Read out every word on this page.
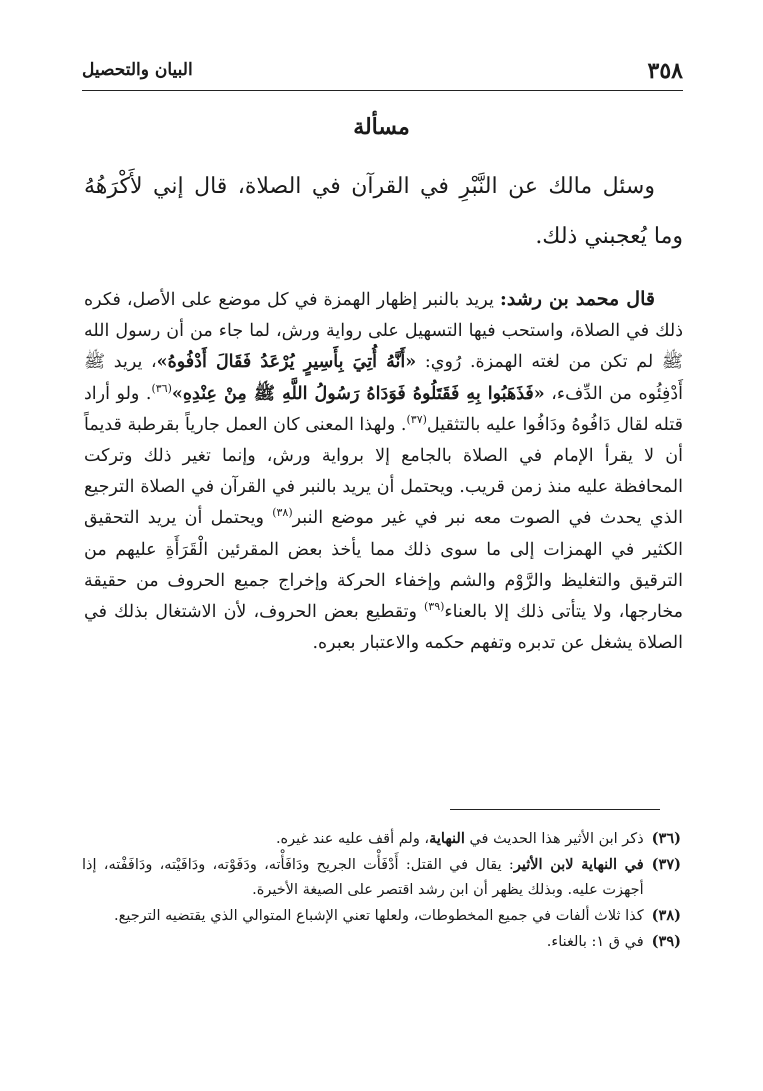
البيان والتحصيل	٣٥٨
مسألة
وسئل مالك عن النَّبْرِ في القرآن في الصلاة، قال إني لأَكْرَهُهُ وما يُعجبني ذلك.
قال محمد بن رشد: يريد بالنبر إظهار الهمزة في كل موضع على الأصل، فكره ذلك في الصلاة، واستحب فيها التسهيل على رواية ورش، لما جاء من أن رسول الله ﷺ لم تكن من لغته الهمزة. رُوي: «أَنَّهُ أُتِيَ بِأَسِيرٍ يُرْعَدُ فَقَالَ أَدْفُوهُ»، يريد ﷺ أَدْفِئُوه من الدِّفء، «فَذَهَبُوا بِهِ فَقَتَلُوهُ فَوَدَاهُ رَسُولُ اللَّهِ ﷺ مِنْ عِنْدِهِ»$^{(٣٦)}$. ولو أراد قتله لقال دَافُوهُ ودَافُوا عليه بالتثقيل$^{(٣٧)}$. ولهذا المعنى كان العمل جارياً بقرطبة قديماً أن لا يقرأ الإمام في الصلاة بالجامع إلا برواية ورش، وإنما تغير ذلك وتركت المحافظة عليه منذ زمن قريب. ويحتمل أن يريد بالنبر في القرآن في الصلاة الترجيع الذي يحدث في الصوت معه نبر في غير موضع النبر$^{(٣٨)}$ ويحتمل أن يريد التحقيق الكثير في الهمزات إلى ما سوى ذلك مما يأخذ بعض المقرئين الْقَرَأَةِ عليهم من الترقيق والتغليظ والرَّوْم والشم وإخفاء الحركة وإخراج جميع الحروف من حقيقة مخارجها، ولا يتأتى ذلك إلا بالعناء$^{(٣٩)}$ وتقطيع بعض الحروف، لأن الاشتغال بذلك في الصلاة يشغل عن تدبره وتفهم حكمه والاعتبار بعبره.
(٣٦)
ذكر ابن الأثير هذا الحديث في النهاية، ولم أقف عليه عند غيره.
(٣٧)
في النهاية لابن الأثير: يقال في القتل: أَدْفَأْت الجريح ودَافَأْته، ودَفَوْته، ودَافَيْته، ودَافَفْته، إذا أجهزت عليه. وبذلك يظهر أن ابن رشد اقتصر على الصيغة الأخيرة.
(٣٨)
كذا ثلاث ألفات في جميع المخطوطات، ولعلها تعني الإشباع المتوالي الذي يقتضيه الترجيع.
(٣٩)
في ق ١: بالغناء.
